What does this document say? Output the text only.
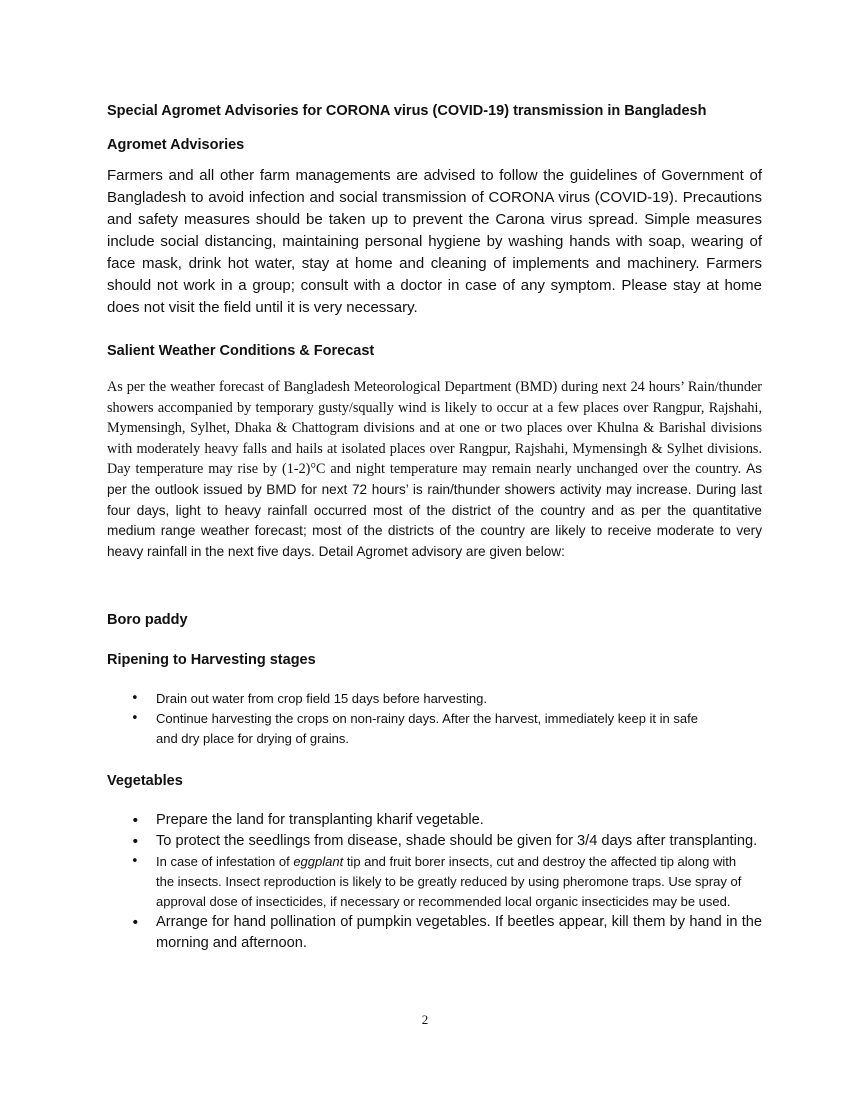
Special Agromet Advisories for CORONA virus (COVID-19) transmission in Bangladesh
Agromet Advisories
Farmers and all other farm managements are advised to follow the guidelines of Government of Bangladesh to avoid infection and social transmission of CORONA virus (COVID-19). Precautions and safety measures should be taken up to prevent the Carona virus spread. Simple measures include social distancing, maintaining personal hygiene by washing hands with soap, wearing of face mask, drink hot water, stay at home and cleaning of implements and machinery. Farmers should not work in a group; consult with a doctor in case of any symptom. Please stay at home does not visit the field until it is very necessary.
Salient Weather Conditions & Forecast
As per the weather forecast of Bangladesh Meteorological Department (BMD) during next 24 hours’ Rain/thunder showers accompanied by temporary gusty/squally wind is likely to occur at a few places over Rangpur, Rajshahi, Mymensingh, Sylhet, Dhaka & Chattogram divisions and at one or two places over Khulna & Barishal divisions with moderately heavy falls and hails at isolated places over Rangpur, Rajshahi, Mymensingh & Sylhet divisions. Day temperature may rise by (1-2)°C and night temperature may remain nearly unchanged over the country. As per the outlook issued by BMD for next 72 hours’ is rain/thunder showers activity may increase. During last four days, light to heavy rainfall occurred most of the district of the country and as per the quantitative medium range weather forecast; most of the districts of the country are likely to receive moderate to very heavy rainfall in the next five days. Detail Agromet advisory are given below:
Boro paddy
Ripening to Harvesting stages
• Drain out water from crop field 15 days before harvesting.
• Continue harvesting the crops on non-rainy days. After the harvest, immediately keep it in safe and dry place for drying of grains.
Vegetables
• Prepare the land for transplanting kharif vegetable.
• To protect the seedlings from disease, shade should be given for 3/4 days after transplanting.
• In case of infestation of eggplant tip and fruit borer insects, cut and destroy the affected tip along with the insects. Insect reproduction is likely to be greatly reduced by using pheromone traps. Use spray of approval dose of insecticides, if necessary or recommended local organic insecticides may be used.
• Arrange for hand pollination of pumpkin vegetables. If beetles appear, kill them by hand in the morning and afternoon.
2
